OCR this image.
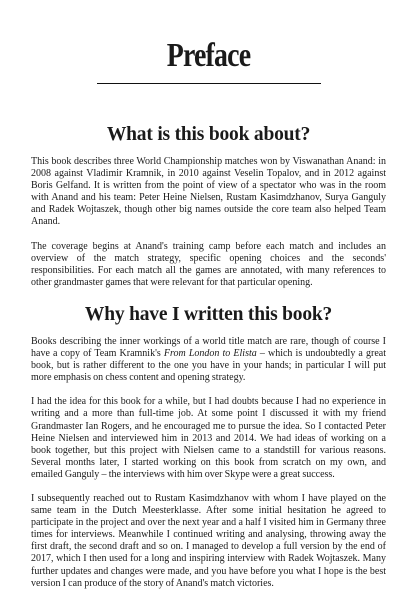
Preface
What is this book about?

This book describes three World Championship matches won by Viswanathan Anand: in 2008 against Vladimir Kramnik, in 2010 against Veselin Topalov, and in 2012 against Boris Gelfand. It is written from the point of view of a spectator who was in the room with Anand and his team: Peter Heine Nielsen, Rustam Kasimdzhanov, Surya Ganguly and Radek Wojtaszek, though other big names outside the core team also helped Team Anand.

The coverage begins at Anand's training camp before each match and includes an overview of the match strategy, specific opening choices and the seconds' responsibilities. For each match all the games are annotated, with many references to other grandmaster games that were relevant for that particular opening.

Why have I written this book?

Books describing the inner workings of a world title match are rare, though of course I have a copy of Team Kramnik's From London to Elista – which is undoubtedly a great book, but is rather different to the one you have in your hands; in particular I will put more emphasis on chess content and opening strategy.

I had the idea for this book for a while, but I had doubts because I had no experience in writing and a more than full-time job. At some point I discussed it with my friend Grandmaster Ian Rogers, and he encouraged me to pursue the idea. So I contacted Peter Heine Nielsen and interviewed him in 2013 and 2014. We had ideas of working on a book together, but this project with Nielsen came to a standstill for various reasons. Several months later, I started working on this book from scratch on my own, and emailed Ganguly – the interviews with him over Skype were a great success.

I subsequently reached out to Rustam Kasimdzhanov with whom I have played on the same team in the Dutch Meesterklasse. After some initial hesitation he agreed to participate in the project and over the next year and a half I visited him in Germany three times for interviews. Meanwhile I continued writing and analysing, throwing away the first draft, the second draft and so on. I managed to develop a full version by the end of 2017, which I then used for a long and inspiring interview with Radek Wojtaszek. Many further updates and changes were made, and you have before you what I hope is the best version I can produce of the story of Anand's match victories.
